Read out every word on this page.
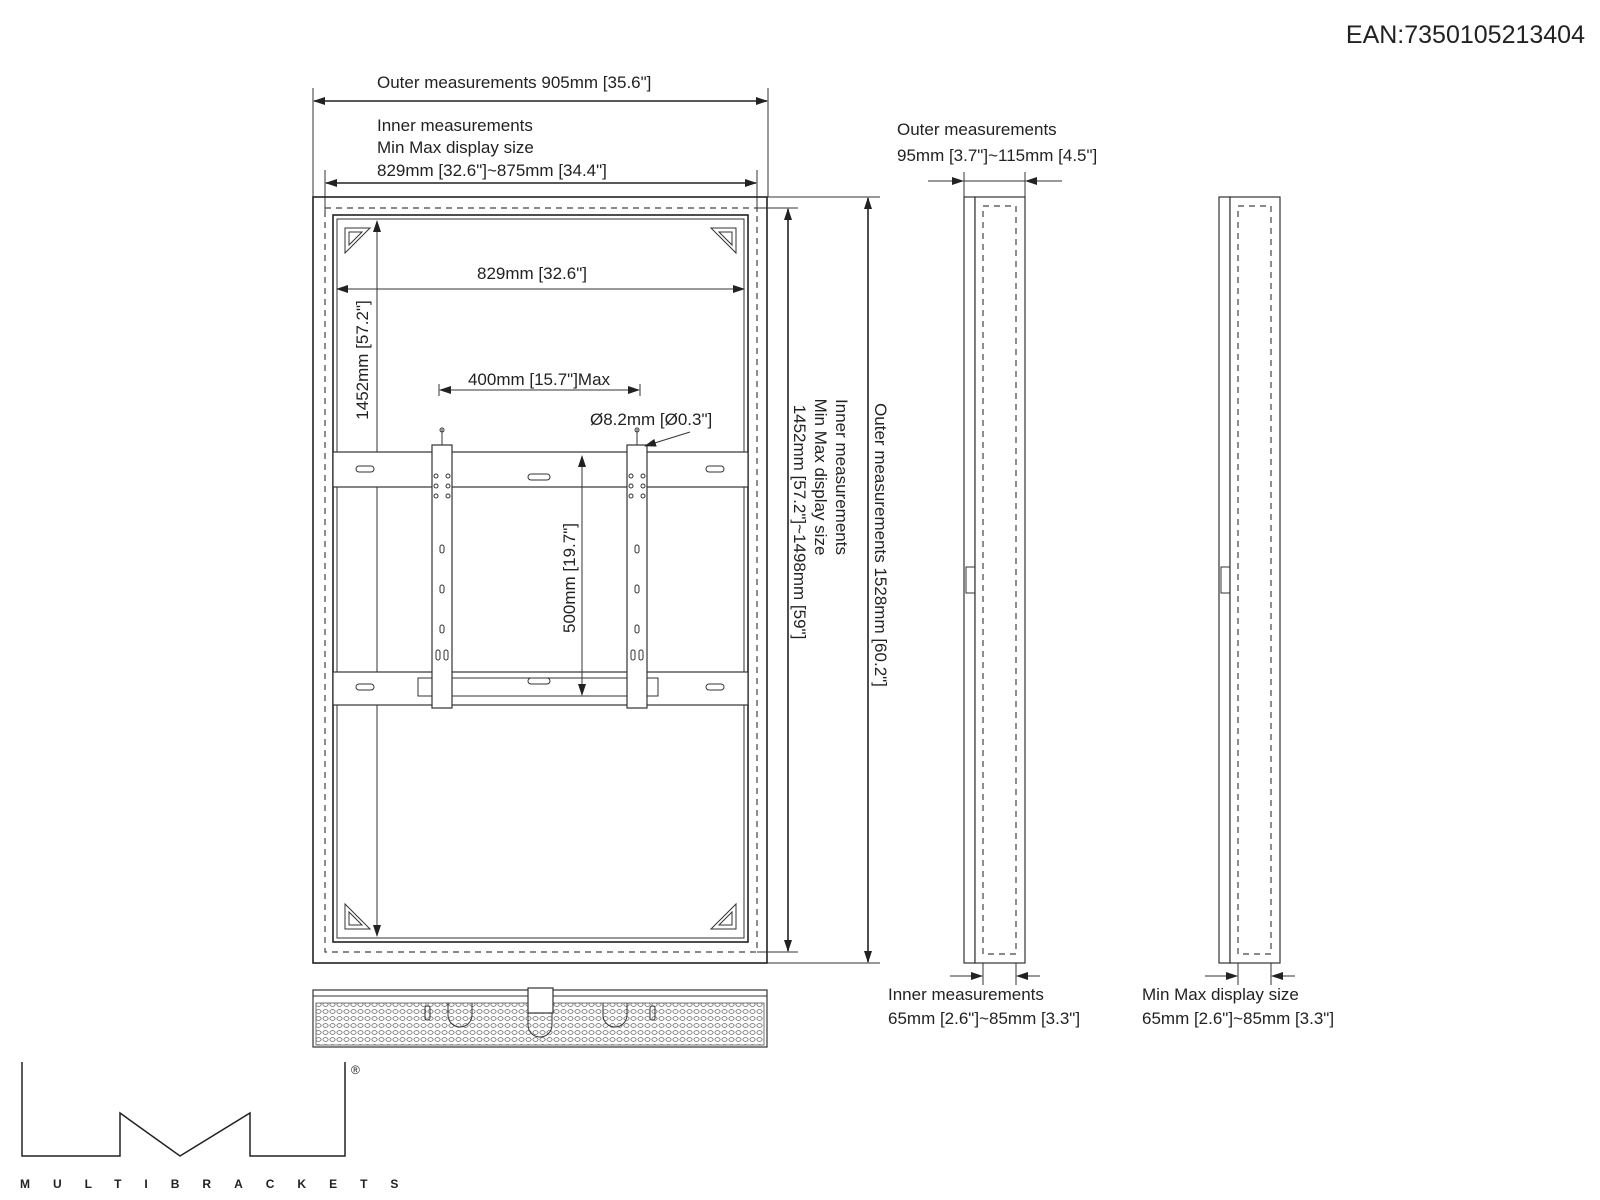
EAN:7350105213404
Outer measurements 905mm [35.6"]
Inner measurements
Min Max display size
829mm [32.6"]~875mm [34.4"]
829mm [32.6"]
1452mm [57.2"]	400mm [15.7"]Max
Ø8.2mm [Ø0.3"]
500mm [19.7"]
Inner measurements
Min Max display size
1452mm [57.2"]~1498mm [59"]	Outer measurements 1528mm [60.2"]
Outer measurements
95mm [3.7"]~115mm [4.5"]
Inner measurements
65mm [2.6"]~85mm [3.3"]
Min Max display size
65mm [2.6"]~85mm [3.3"]
®
MULTIBRACKETS
